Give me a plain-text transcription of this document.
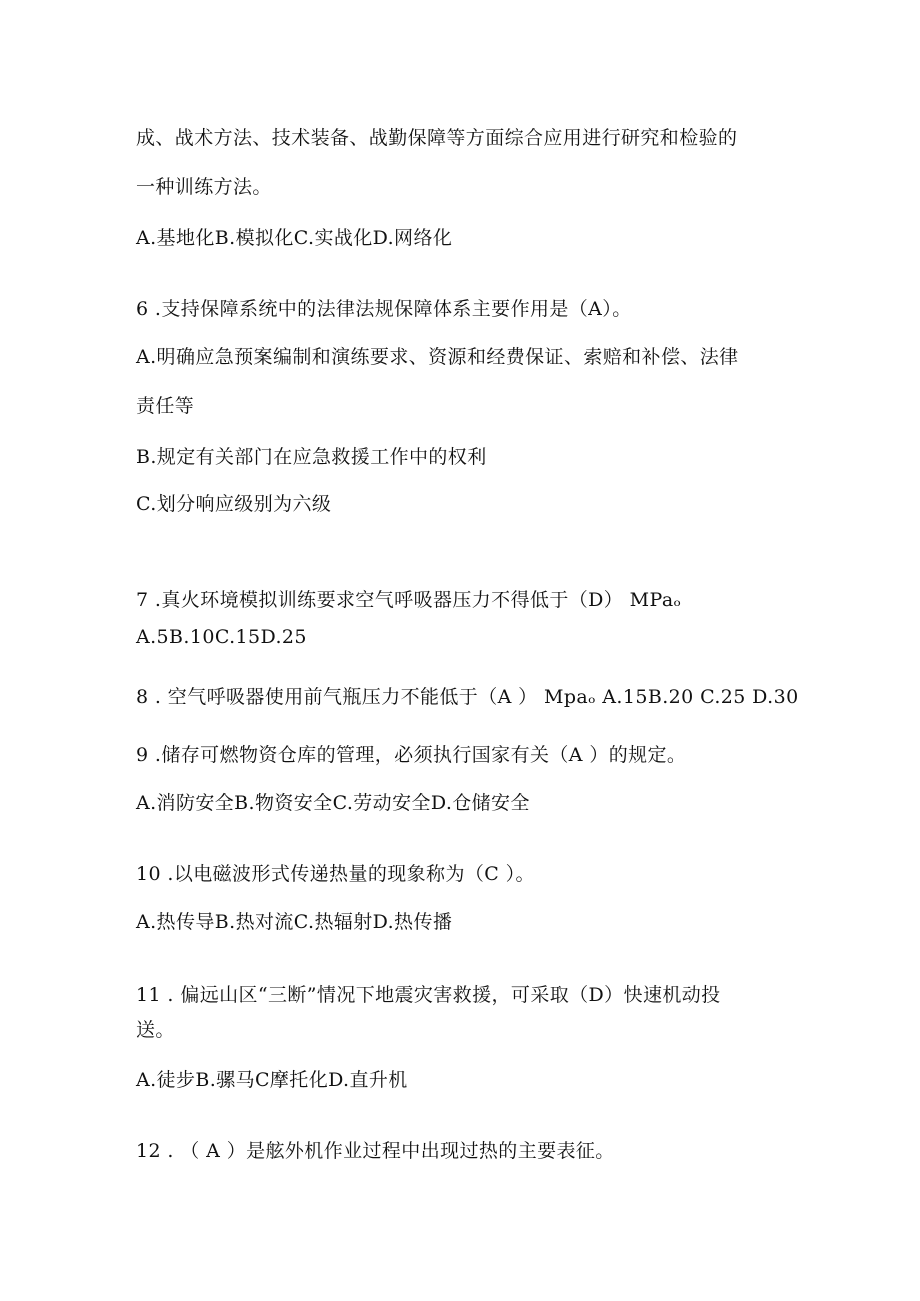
成、战术方法、技术装备、战勤保障等方面综合应用进行研究和检验的
一种训练方法。
A.基地化B.模拟化C.实战化D.网络化
6 .支持保障系统中的法律法规保障体系主要作用是（A）。
A.明确应急预案编制和演练要求、资源和经费保证、索赔和补偿、法律
责任等
B.规定有关部门在应急救援工作中的权利
C.划分响应级别为六级
7 .真火环境模拟训练要求空气呼吸器压力不得低于（D） MPaₒ
A.5B.10C.15D.25
8 . 空气呼吸器使用前气瓶压力不能低于（A ） Mpaₒ A.15B.20 C.25 D.30
9 .储存可燃物资仓库的管理，必须执行国家有关（A ）的规定。
A.消防安全B.物资安全C.劳动安全D.仓储安全
10 .以电磁波形式传递热量的现象称为（C ）。
A.热传导B.热对流C.热辐射D.热传播
11 . 偏远山区“三断”情况下地震灾害救援，可采取（D）快速机动投
送。
A.徒步B.骡马C摩托化D.直升机
12 . （ A ）是舷外机作业过程中出现过热的主要表征。
